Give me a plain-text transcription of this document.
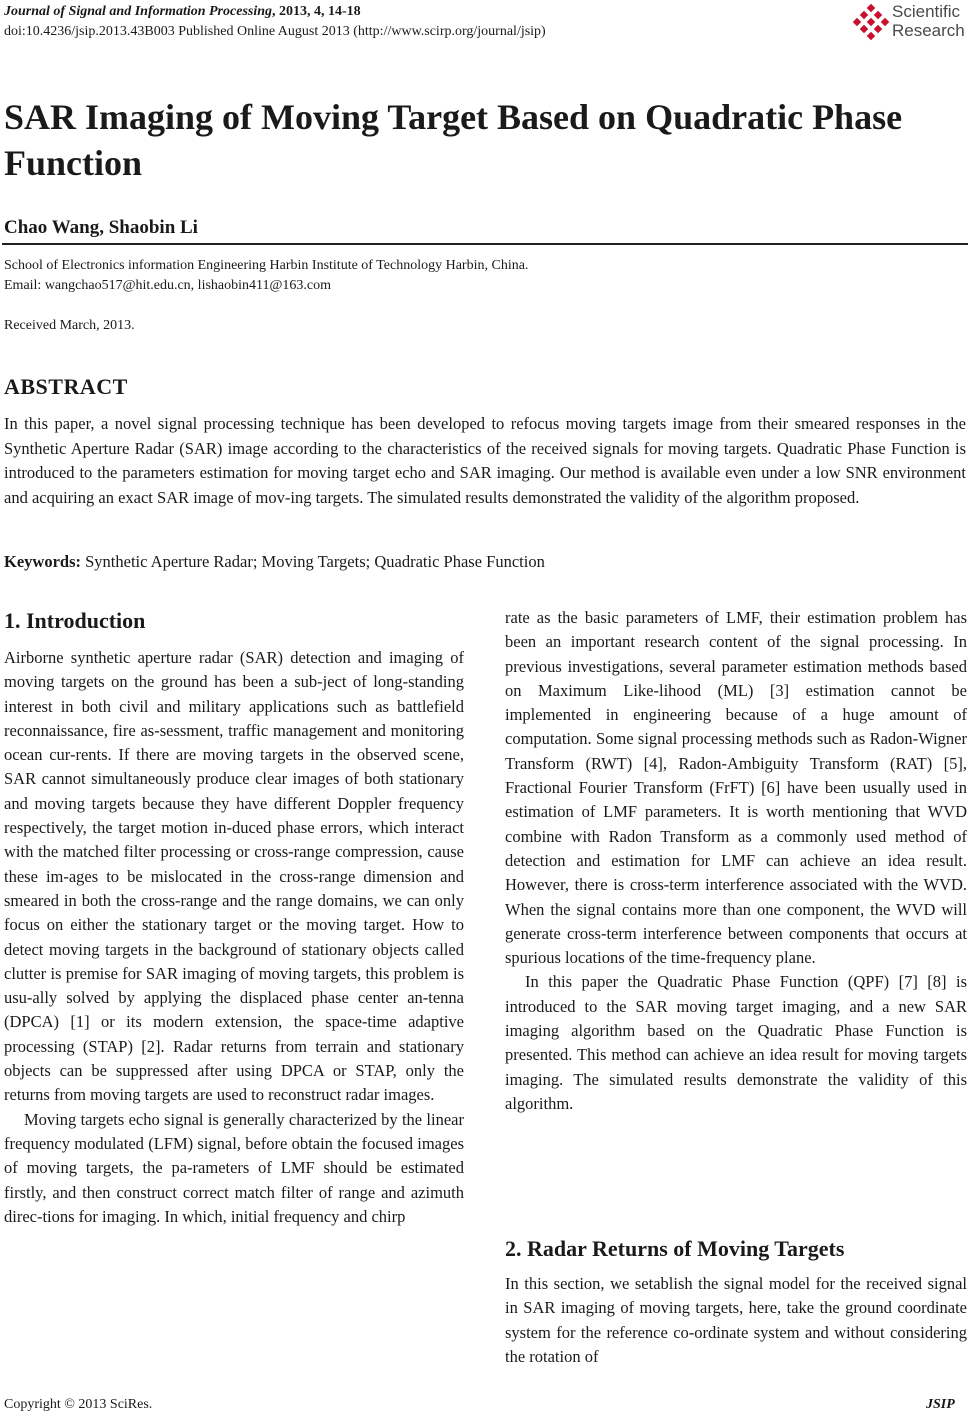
Journal of Signal and Information Processing, 2013, 4, 14-18
doi:10.4236/jsip.2013.43B003 Published Online August 2013 (http://www.scirp.org/journal/jsip)
Scientific
Research
SAR Imaging of Moving Target Based on Quadratic Phase Function
Chao Wang, Shaobin Li
School of Electronics information Engineering Harbin Institute of Technology Harbin, China.
Email: wangchao517@hit.edu.cn, lishaobin411@163.com
Received March, 2013.
ABSTRACT
In this paper, a novel signal processing technique has been developed to refocus moving targets image from their smeared responses in the Synthetic Aperture Radar (SAR) image according to the characteristics of the received signals for moving targets. Quadratic Phase Function is introduced to the parameters estimation for moving target echo and SAR imaging. Our method is available even under a low SNR environment and acquiring an exact SAR image of mov-ing targets. The simulated results demonstrated the validity of the algorithm proposed.
Keywords: Synthetic Aperture Radar; Moving Targets; Quadratic Phase Function
1. Introduction

Airborne synthetic aperture radar (SAR) detection and imaging of moving targets on the ground has been a sub-ject of long-standing interest in both civil and military applications such as battlefield reconnaissance, fire as-sessment, traffic management and monitoring ocean cur-rents. If there are moving targets in the observed scene, SAR cannot simultaneously produce clear images of both stationary and moving targets because they have different Doppler frequency respectively, the target motion in-duced phase errors, which interact with the matched filter processing or cross-range compression, cause these im-ages to be mislocated in the cross-range dimension and smeared in both the cross-range and the range domains, we can only focus on either the stationary target or the moving target. How to detect moving targets in the background of stationary objects called clutter is premise for SAR imaging of moving targets, this problem is usu-ally solved by applying the displaced phase center an-tenna (DPCA) [1] or its modern extension, the space-time adaptive processing (STAP) [2]. Radar returns from terrain and stationary objects can be suppressed after using DPCA or STAP, only the returns from moving targets are used to reconstruct radar images.

Moving targets echo signal is generally characterized by the linear frequency modulated (LFM) signal, before obtain the focused images of moving targets, the pa-rameters of LMF should be estimated firstly, and then construct correct match filter of range and azimuth direc-tions for imaging. In which, initial frequency and chirp

rate as the basic parameters of LMF, their estimation problem has been an important research content of the signal processing. In previous investigations, several parameter estimation methods based on Maximum Like-lihood (ML) [3] estimation cannot be implemented in engineering because of a huge amount of computation. Some signal processing methods such as Radon-Wigner Transform (RWT) [4], Radon-Ambiguity Transform (RAT) [5], Fractional Fourier Transform (FrFT) [6] have been usually used in estimation of LMF parameters. It is worth mentioning that WVD combine with Radon Transform as a commonly used method of detection and estimation for LMF can achieve an idea result. However, there is cross-term interference associated with the WVD. When the signal contains more than one component, the WVD will generate cross-term interference between components that occurs at spurious locations of the time-frequency plane.

In this paper the Quadratic Phase Function (QPF) [7] [8] is introduced to the SAR moving target imaging, and a new SAR imaging algorithm based on the Quadratic Phase Function is presented. This method can achieve an idea result for moving targets imaging. The simulated results demonstrate the validity of this algorithm.

2. Radar Returns of Moving Targets

In this section, we setablish the signal model for the received signal in SAR imaging of moving targets, here, take the ground coordinate system for the reference co-ordinate system and without considering the rotation of

Copyright © 2013 SciRes.	JSIP
